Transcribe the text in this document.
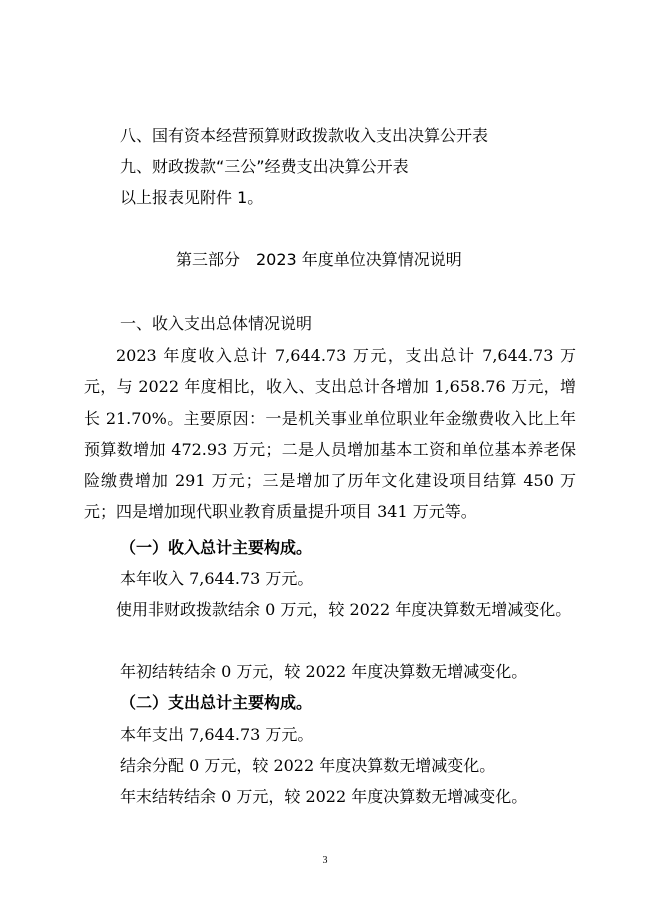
八、国有资本经营预算财政拨款收入支出决算公开表
九、财政拨款“三公”经费支出决算公开表
以上报表见附件 1。
第三部分　2023 年度单位决算情况说明
一、收入支出总体情况说明
2023 年度收入总计 7,644.73 万元，支出总计 7,644.73 万元，与 2022 年度相比，收入、支出总计各增加 1,658.76 万元，增长 21.70%。主要原因：一是机关事业单位职业年金缴费收入比上年预算数增加 472.93 万元；二是人员增加基本工资和单位基本养老保险缴费增加 291 万元；三是增加了历年文化建设项目结算 450 万元；四是增加现代职业教育质量提升项目 341 万元等。
（一）收入总计主要构成。
本年收入 7,644.73 万元。
使用非财政拨款结余 0 万元，较 2022 年度决算数无增减变化。
年初结转结余 0 万元，较 2022 年度决算数无增减变化。
（二）支出总计主要构成。
本年支出 7,644.73 万元。
结余分配 0 万元，较 2022 年度决算数无增减变化。
年末结转结余 0 万元，较 2022 年度决算数无增减变化。
3
